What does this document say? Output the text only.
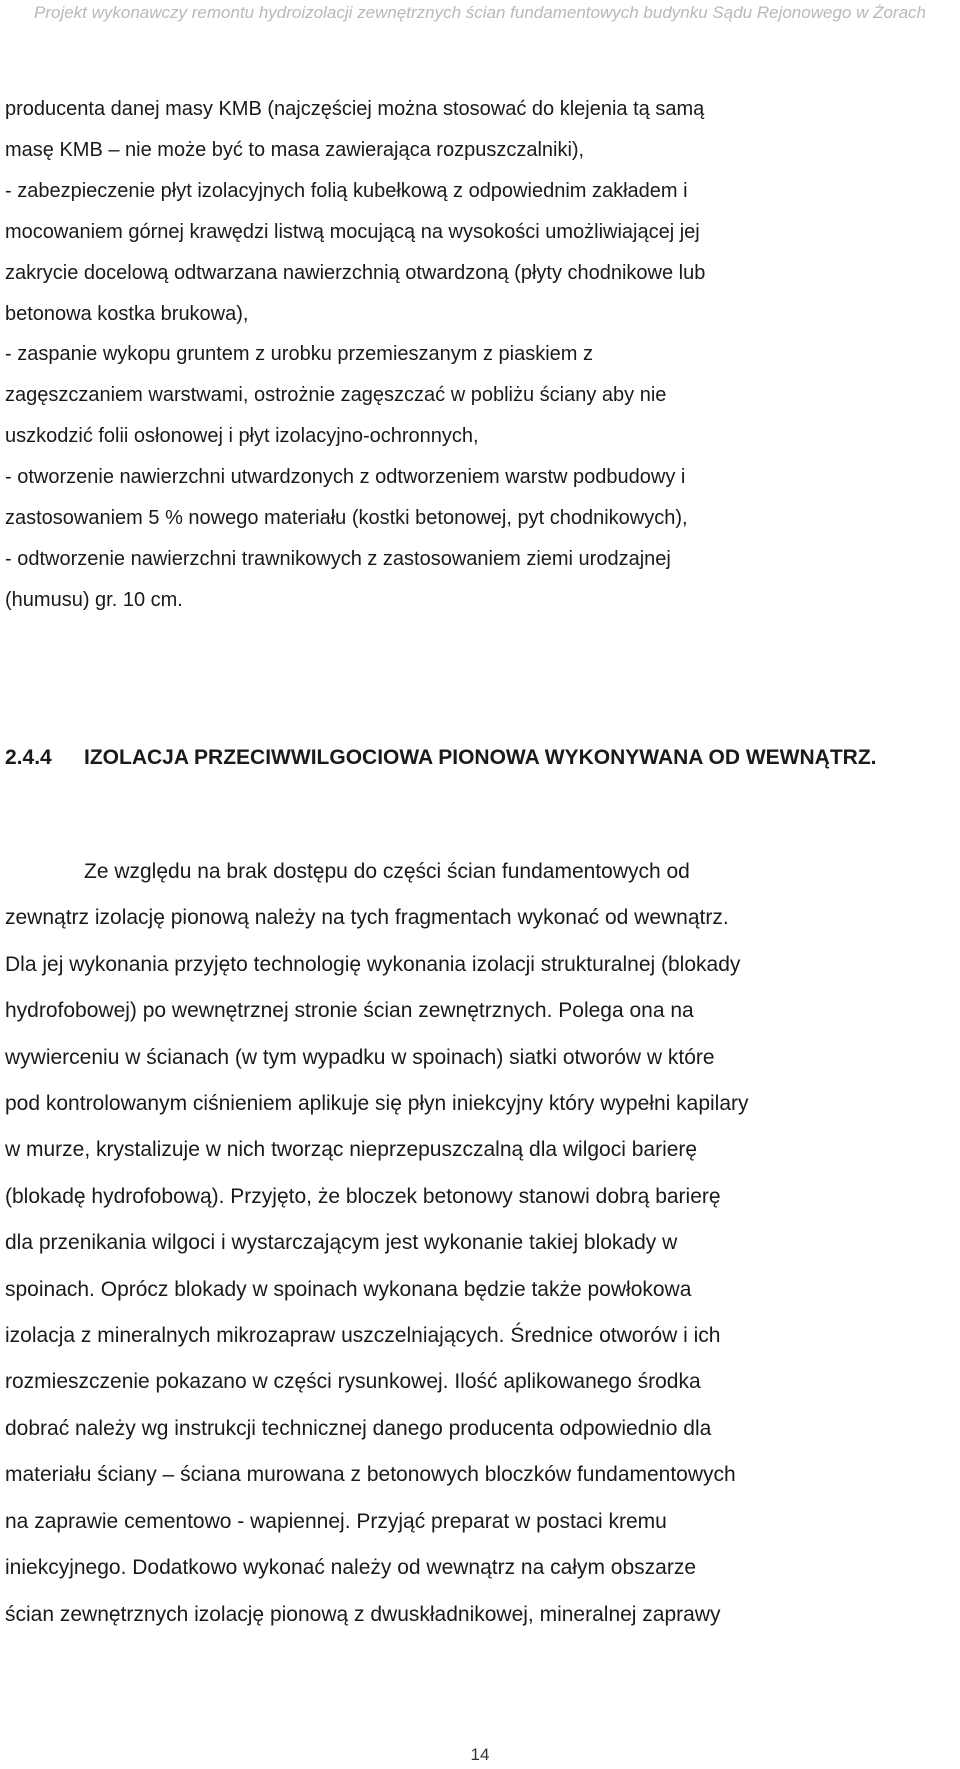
Projekt wykonawczy remontu hydroizolacji zewnętrznych ścian fundamentowych budynku Sądu Rejonowego w Żorach
producenta danej masy KMB (najczęściej można stosować do klejenia tą samą
masę KMB – nie może być to masa zawierająca rozpuszczalniki),
- zabezpieczenie płyt izolacyjnych folią kubełkową z odpowiednim zakładem i
mocowaniem górnej krawędzi listwą mocującą na wysokości umożliwiającej jej
zakrycie docelową odtwarzana nawierzchnią otwardzoną (płyty chodnikowe lub
betonowa kostka brukowa),
- zaspanie wykopu gruntem z urobku przemieszanym z piaskiem z
zagęszczaniem warstwami, ostrożnie zagęszczać w pobliżu ściany aby nie
uszkodzić folii osłonowej i płyt izolacyjno-ochronnych,
- otworzenie nawierzchni utwardzonych z odtworzeniem warstw podbudowy i
zastosowaniem 5 % nowego materiału (kostki betonowej, pyt chodnikowych),
- odtworzenie nawierzchni trawnikowych z zastosowaniem ziemi urodzajnej
(humusu) gr. 10 cm.
2.4.4 IZOLACJA PRZECIWWILGOCIOWA PIONOWA WYKONYWANA OD WEWNĄTRZ.
Ze względu na brak dostępu do części ścian fundamentowych od
zewnątrz izolację pionową należy na tych fragmentach wykonać od wewnątrz.
Dla jej wykonania przyjęto technologię wykonania izolacji strukturalnej (blokady
hydrofobowej) po wewnętrznej stronie ścian zewnętrznych. Polega ona na
wywierceniu w ścianach (w tym wypadku w spoinach) siatki otworów w które
pod kontrolowanym ciśnieniem aplikuje się płyn iniekcyjny który wypełni kapilary
w murze, krystalizuje w nich tworząc nieprzepuszczalną dla wilgoci barierę
(blokadę hydrofobową). Przyjęto, że bloczek betonowy stanowi dobrą barierę
dla przenikania wilgoci i wystarczającym jest wykonanie takiej blokady w
spoinach. Oprócz blokady w spoinach wykonana będzie także powłokowa
izolacja z mineralnych mikrozapraw uszczelniających. Średnice otworów i ich
rozmieszczenie pokazano w części rysunkowej. Ilość aplikowanego środka
dobrać należy wg instrukcji technicznej danego producenta odpowiednio dla
materiału ściany – ściana murowana z betonowych bloczków fundamentowych
na zaprawie cementowo - wapiennej. Przyjąć preparat w postaci kremu
iniekcyjnego. Dodatkowo wykonać należy od wewnątrz na całym obszarze
ścian zewnętrznych izolację pionową z dwuskładnikowej, mineralnej zaprawy
14
